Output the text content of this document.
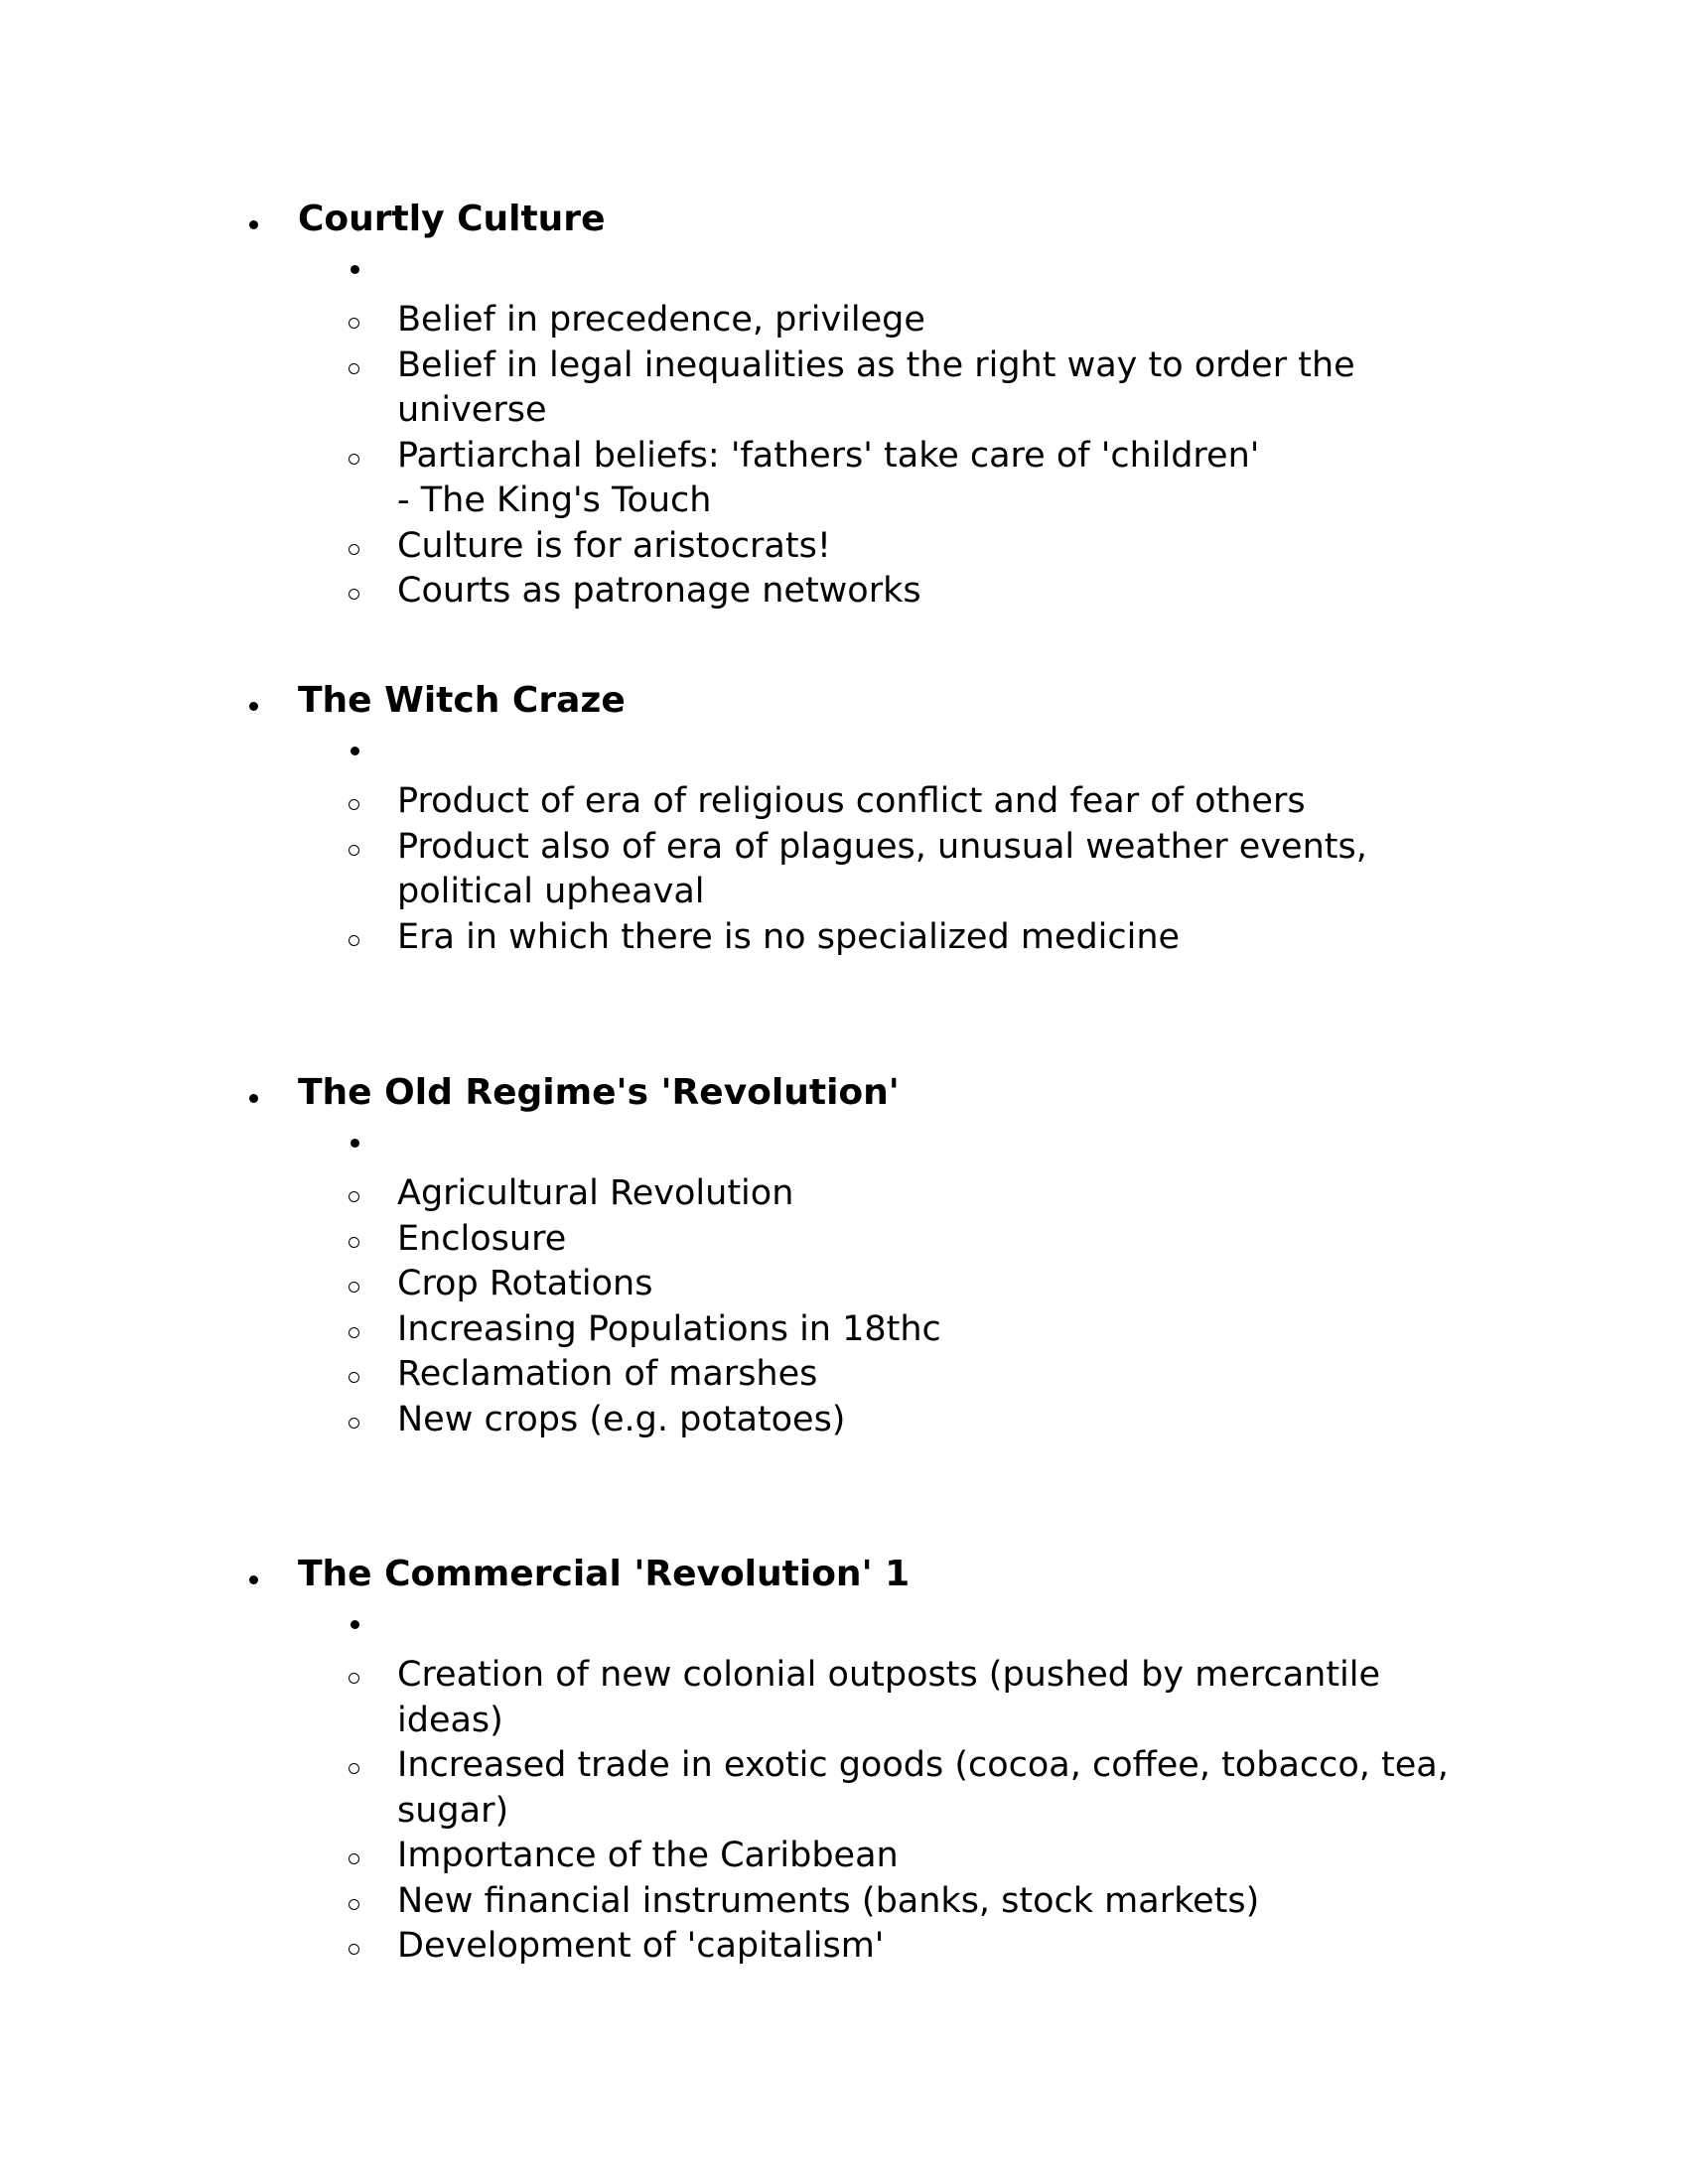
Courtly Culture
Belief in precedence, privilege
Belief in legal inequalities as the right way to order the universe
Partiarchal beliefs: 'fathers' take care of 'children'
- The King's Touch
Culture is for aristocrats!
Courts as patronage networks
The Witch Craze
Product of era of religious conflict and fear of others
Product also of era of plagues, unusual weather events, political upheaval
Era in which there is no specialized medicine
The Old Regime's 'Revolution'
Agricultural Revolution
Enclosure
Crop Rotations
Increasing Populations in 18thc
Reclamation of marshes
New crops (e.g. potatoes)
The Commercial 'Revolution' 1
Creation of new colonial outposts (pushed by mercantile ideas)
Increased trade in exotic goods (cocoa, coffee, tobacco, tea, sugar)
Importance of the Caribbean
New financial instruments (banks, stock markets)
Development of 'capitalism'
